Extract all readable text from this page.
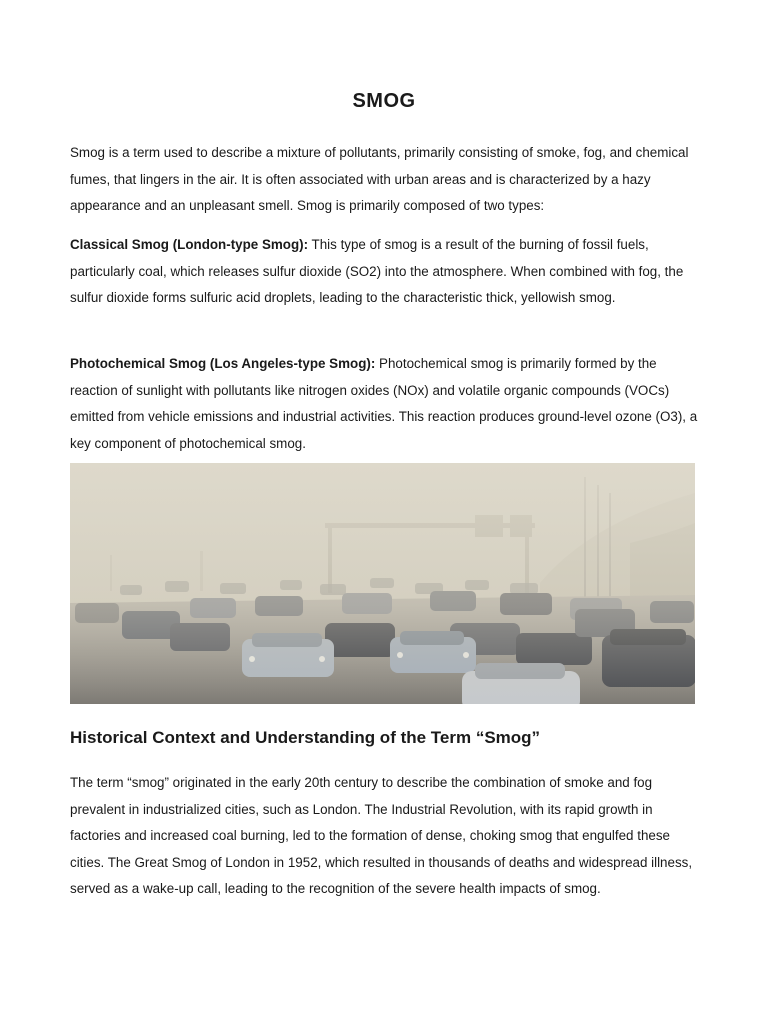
SMOG

Smog is a term used to describe a mixture of pollutants, primarily consisting of smoke, fog, and chemical fumes, that lingers in the air. It is often associated with urban areas and is characterized by a hazy appearance and an unpleasant smell. Smog is primarily composed of two types:

Classical Smog (London-type Smog): This type of smog is a result of the burning of fossil fuels, particularly coal, which releases sulfur dioxide (SO2) into the atmosphere. When combined with fog, the sulfur dioxide forms sulfuric acid droplets, leading to the characteristic thick, yellowish smog.

Photochemical Smog (Los Angeles-type Smog): Photochemical smog is primarily formed by the reaction of sunlight with pollutants like nitrogen oxides (NOx) and volatile organic compounds (VOCs) emitted from vehicle emissions and industrial activities. This reaction produces ground-level ozone (O3), a key component of photochemical smog.

Historical Context and Understanding of the Term “Smog”

The term “smog” originated in the early 20th century to describe the combination of smoke and fog prevalent in industrialized cities, such as London. The Industrial Revolution, with its rapid growth in factories and increased coal burning, led to the formation of dense, choking smog that engulfed these cities. The Great Smog of London in 1952, which resulted in thousands of deaths and widespread illness, served as a wake-up call, leading to the recognition of the severe health impacts of smog.
